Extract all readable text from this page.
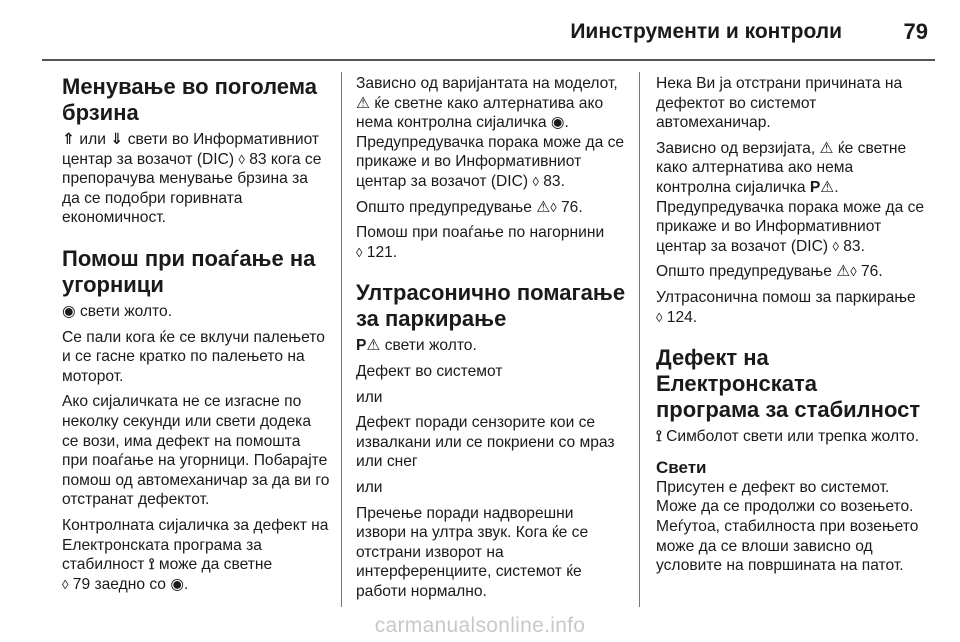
Иинструменти и контроли	79
Менување во поголема брзина

⇑ или ⇓ свети во Информативниот центар за возачот (DIC) ◊ 83 кога се препорачува менување брзина за да се подобри горивната економичност.

Помош при поаѓање на угорници

◉ свети жолто.

Се пали кога ќе се вклучи палењето и се гасне кратко по палењето на моторот.

Ако сијаличката не се изгасне по неколку секунди или свети додека се вози, има дефект на помошта при поаѓање на угорници. Побарајте помош од автомеханичар за да ви го отстранат дефектот.

Контролната сијаличка за дефект на Електронската програма за стабилност ⟟ може да светне
◊ 79 заедно со ◉.

Зависно од варијантата на моделот, ⚠ ќе светне како алтернатива ако нема контролна сијаличка ◉. Предупредувачка порака може да се прикаже и во Информативниот центар за возачот (DIC) ◊ 83.

Општо предупредување ⚠◊ 76.

Помош при поаѓање по нагорнини
◊ 121.

Ултрасонично помагање за паркирање

P⚠ свети жолто.

Дефект во системот

или

Дефект поради сензорите кои се извалкани или се покриени со мраз или снег

или

Пречење поради надворешни извори на ултра звук. Кога ќе се отстрани изворот на интерференциите, системот ќе работи нормално.

Нека Ви ја отстрани причината на дефектот во системот автомеханичар.

Зависно од верзијата, ⚠ ќе светне како алтернатива ако нема контролна сијаличка P⚠. Предупредувачка порака може да се прикаже и во Информативниот центар за возачот (DIC) ◊ 83.

Општо предупредување ⚠◊ 76.

Ултрасонична помош за паркирање
◊ 124.

Дефект на Електронската програма за стабилност

⟟ Симболот свети или трепка жолто.

Свети

Присутен е дефект во системот. Може да се продолжи со возењето. Меѓутоа, стабилноста при возењето може да се влоши зависно од условите на површината на патот.

carmanualsonline.info
